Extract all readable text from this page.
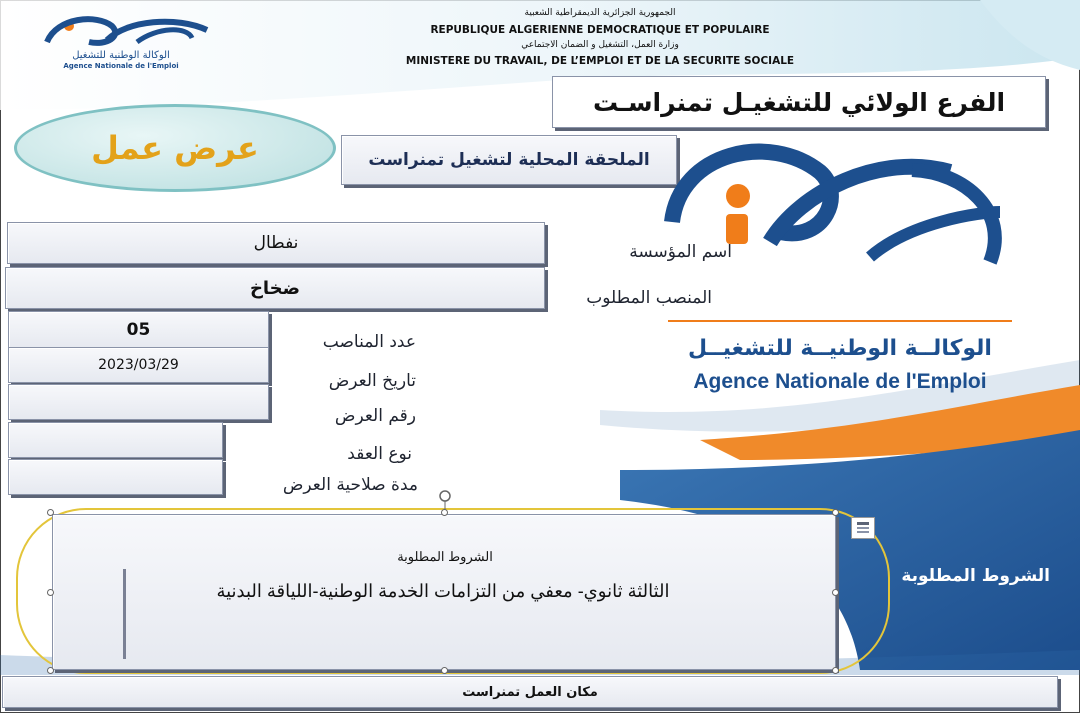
الوكالة الوطنية للتشغيل
Agence Nationale de l'Emploi
الجمهورية الجزائرية الديمقراطية الشعبية
REPUBLIQUE ALGERIENNE DEMOCRATIQUE ET POPULAIRE
وزارة العمل، التشغيل و الضمان الاجتماعي
MINISTERE DU TRAVAIL, DE L’EMPLOI ET DE LA SECURITE SOCIALE
الفرع الولائي للتشغيـل تمنراسـت
عرض عمل	الملحقة المحلية لتشغيل تمنراست
الوكالــة الوطنيــة للتشغيــل
Agence Nationale de l'Emploi
اسم المؤسسة
المنصب المطلوب
عدد المناصب
تاريخ العرض
رقم العرض
نوع العقد
مدة صلاحية العرض
نفطال
ضخاخ
05
2023/03/29
الشروط المطلوبة
الشروط المطلوبة
الثالثة ثانوي- معفي من التزامات الخدمة الوطنية-اللياقة البدنية
مكان العمل تمنراست
